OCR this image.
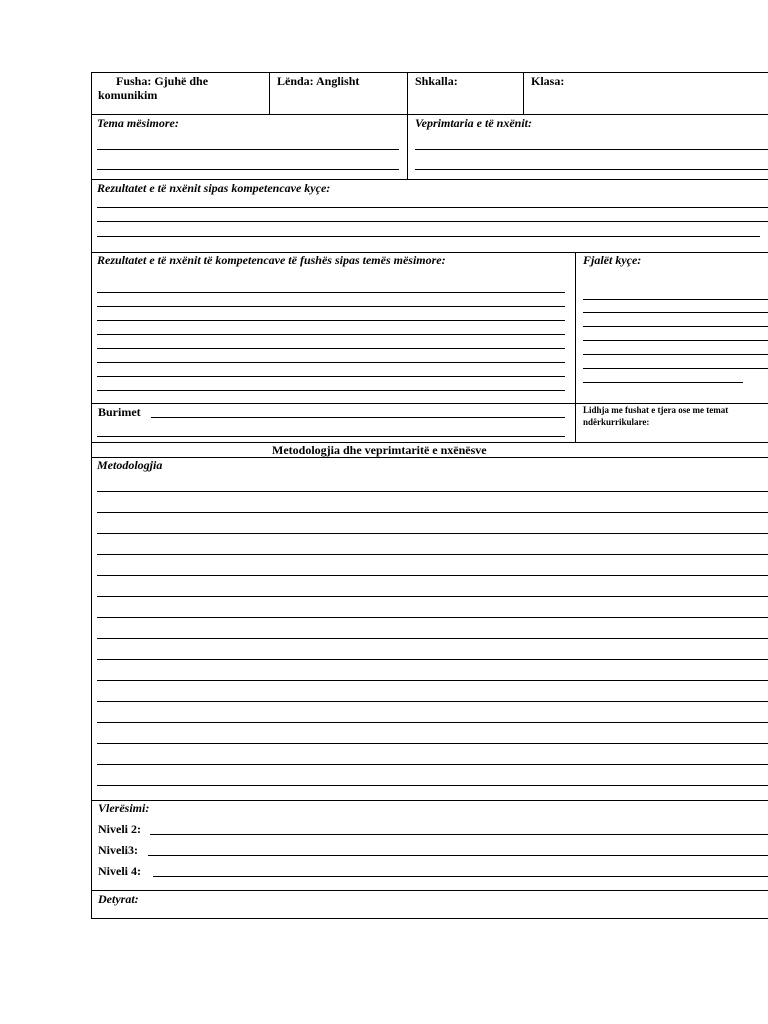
Fusha: Gjuhë dhe
komunikim
Lënda: Anglisht	Shkalla:	Klasa:
Tema mësimore:	Veprimtaria e të nxënit:
Rezultatet e të nxënit sipas kompetencave kyçe:
Rezultatet e të nxënit të kompetencave të fushës sipas temës mësimore:	Fjalët kyçe:
Burimet	Lidhja me fushat e tjera ose me temat
ndërkurrikulare:
Metodologjia dhe veprimtaritë e nxënësve
Metodologjia
Vlerësimi:
Niveli 2:
Niveli3:
Niveli 4:
Detyrat:
